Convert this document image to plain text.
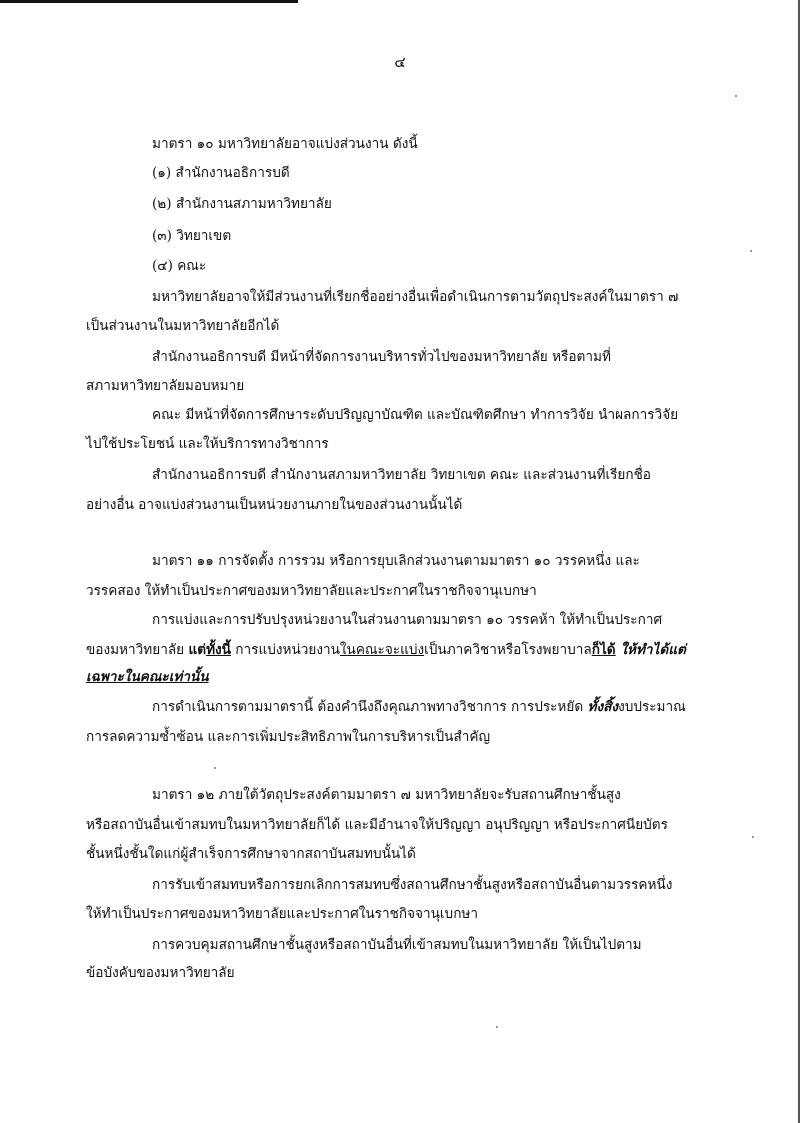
๔
มาตรา ๑๐ มหาวิทยาลัยอาจแบ่งส่วนงาน ดังนี้
(๑) สำนักงานอธิการบดี
(๒) สำนักงานสภามหาวิทยาลัย
(๓) วิทยาเขต
(๔) คณะ
มหาวิทยาลัยอาจให้มีส่วนงานที่เรียกชื่ออย่างอื่นเพื่อดำเนินการตามวัตถุประสงค์ในมาตรา ๗
เป็นส่วนงานในมหาวิทยาลัยอีกได้
สำนักงานอธิการบดี มีหน้าที่จัดการงานบริหารทั่วไปของมหาวิทยาลัย หรือตามที่
สภามหาวิทยาลัยมอบหมาย
คณะ มีหน้าที่จัดการศึกษาระดับปริญญาบัณฑิต และบัณฑิตศึกษา ทำการวิจัย นำผลการวิจัย
ไปใช้ประโยชน์ และให้บริการทางวิชาการ
สำนักงานอธิการบดี สำนักงานสภามหาวิทยาลัย วิทยาเขต คณะ และส่วนงานที่เรียกชื่อ
อย่างอื่น อาจแบ่งส่วนงานเป็นหน่วยงานภายในของส่วนงานนั้นได้
มาตรา ๑๑ การจัดตั้ง การรวม หรือการยุบเลิกส่วนงานตามมาตรา ๑๐ วรรคหนึ่ง และ
วรรคสอง ให้ทำเป็นประกาศของมหาวิทยาลัยและประกาศในราชกิจจานุเบกษา
การแบ่งและการปรับปรุงหน่วยงานในส่วนงานตามมาตรา ๑๐ วรรคห้า ให้ทำเป็นประกาศ
ของมหาวิทยาลัย แต่ทั้งนี้ การแบ่งหน่วยงานในคณะจะแบ่งเป็นภาควิชาหรือโรงพยาบาลก็ได้ ให้ทำได้แต่
เฉพาะในคณะเท่านั้น
การดำเนินการตามมาตรานี้ ต้องคำนึงถึงคุณภาพทางวิชาการ การประหยัด ทั้งสิ้งงบประมาณ
การลดความซ้ำซ้อน และการเพิ่มประสิทธิภาพในการบริหารเป็นสำคัญ
มาตรา ๑๒ ภายใต้วัตถุประสงค์ตามมาตรา ๗ มหาวิทยาลัยจะรับสถานศึกษาชั้นสูง
หรือสถาบันอื่นเข้าสมทบในมหาวิทยาลัยก็ได้ และมีอำนาจให้ปริญญา อนุปริญญา หรือประกาศนียบัตร
ชั้นหนึ่งชั้นใดแก่ผู้สำเร็จการศึกษาจากสถาบันสมทบนั้นได้
การรับเข้าสมทบหรือการยกเลิกการสมทบซึ่งสถานศึกษาชั้นสูงหรือสถาบันอื่นตามวรรคหนึ่ง
ให้ทำเป็นประกาศของมหาวิทยาลัยและประกาศในราชกิจจานุเบกษา
การควบคุมสถานศึกษาชั้นสูงหรือสถาบันอื่นที่เข้าสมทบในมหาวิทยาลัย ให้เป็นไปตาม
ข้อบังคับของมหาวิทยาลัย
